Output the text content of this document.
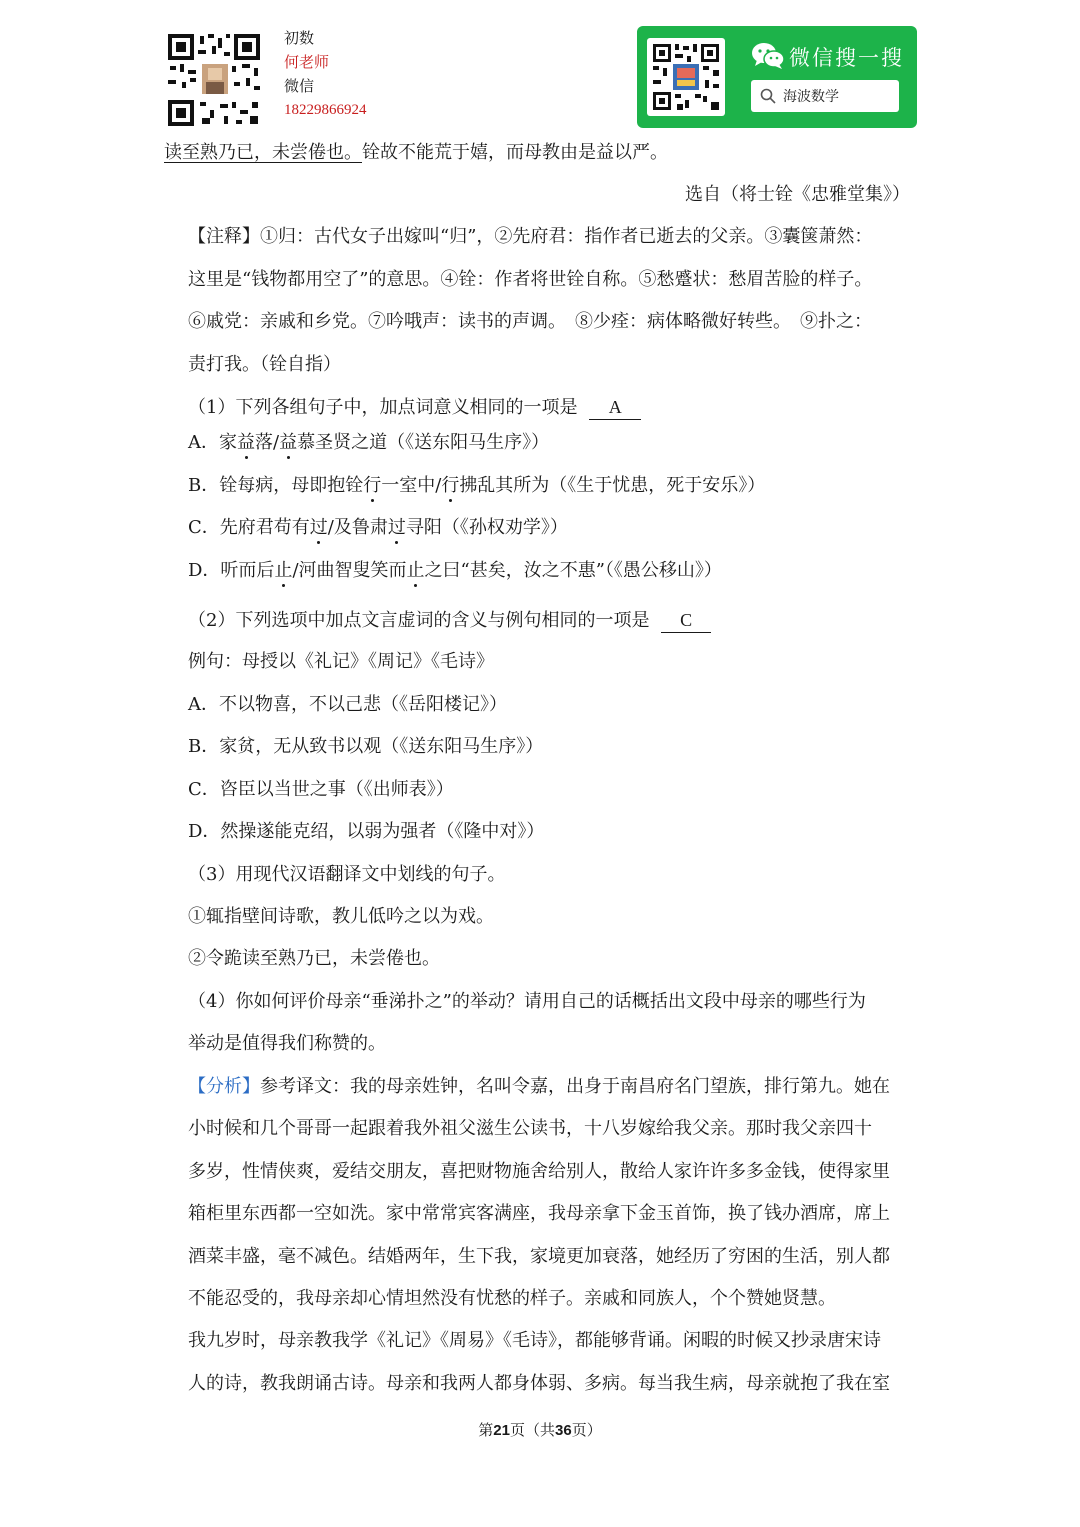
初数
何老师
微信
18229866924
微信搜一搜
海波数学
读至熟乃已，未尝倦也。铨故不能荒于嬉，而母教由是益以严。
选自（将士铨《忠雅堂集》）
【注释】①归：古代女子出嫁叫“归”，②先府君：指作者已逝去的父亲。③囊箧萧然：
这里是“钱物都用空了”的意思。④铨：作者将世铨自称。⑤愁蹙状：愁眉苦脸的样子。
⑥戚党：亲戚和乡党。⑦吟哦声：读书的声调。　⑧少痊：病体略微好转些。　⑨扑之：
责打我。（铨自指）
（1）下列各组句子中，加点词意义相同的一项是 A
A．家益落/益慕圣贤之道（《送东阳马生序》）
B．铨每病，母即抱铨行一室中/行拂乱其所为（《生于忧患，死于安乐》）
C．先府君苟有过/及鲁肃过寻阳（《孙权劝学》）
D．听而后止/河曲智叟笑而止之曰“甚矣，汝之不惠”（《愚公移山》）
（2）下列选项中加点文言虚词的含义与例句相同的一项是 C
例句：母授以《礼记》《周记》《毛诗》
A．不以物喜，不以己悲（《岳阳楼记》）
B．家贫，无从致书以观（《送东阳马生序》）
C．咨臣以当世之事（《出师表》）
D．然操遂能克绍，以弱为强者（《隆中对》）
（3）用现代汉语翻译文中划线的句子。
①辄指壁间诗歌，教儿低吟之以为戏。
②令跪读至熟乃已，未尝倦也。
（4）你如何评价母亲“垂涕扑之”的举动？请用自己的话概括出文段中母亲的哪些行为
举动是值得我们称赞的。
【分析】参考译文：我的母亲姓钟，名叫令嘉，出身于南昌府名门望族，排行第九。她在
小时候和几个哥哥一起跟着我外祖父滋生公读书，十八岁嫁给我父亲。那时我父亲四十
多岁，性情侠爽，爱结交朋友，喜把财物施舍给别人，散给人家许许多多金钱，使得家里
箱柜里东西都一空如洗。家中常常宾客满座，我母亲拿下金玉首饰，换了钱办酒席，席上
酒菜丰盛，毫不减色。结婚两年，生下我，家境更加衰落，她经历了穷困的生活，别人都
不能忍受的，我母亲却心情坦然没有忧愁的样子。亲戚和同族人，个个赞她贤慧。
我九岁时，母亲教我学《礼记》《周易》《毛诗》，都能够背诵。闲暇的时候又抄录唐宋诗
人的诗，教我朗诵古诗。母亲和我两人都身体弱、多病。每当我生病，母亲就抱了我在室
第21页（共36页）
